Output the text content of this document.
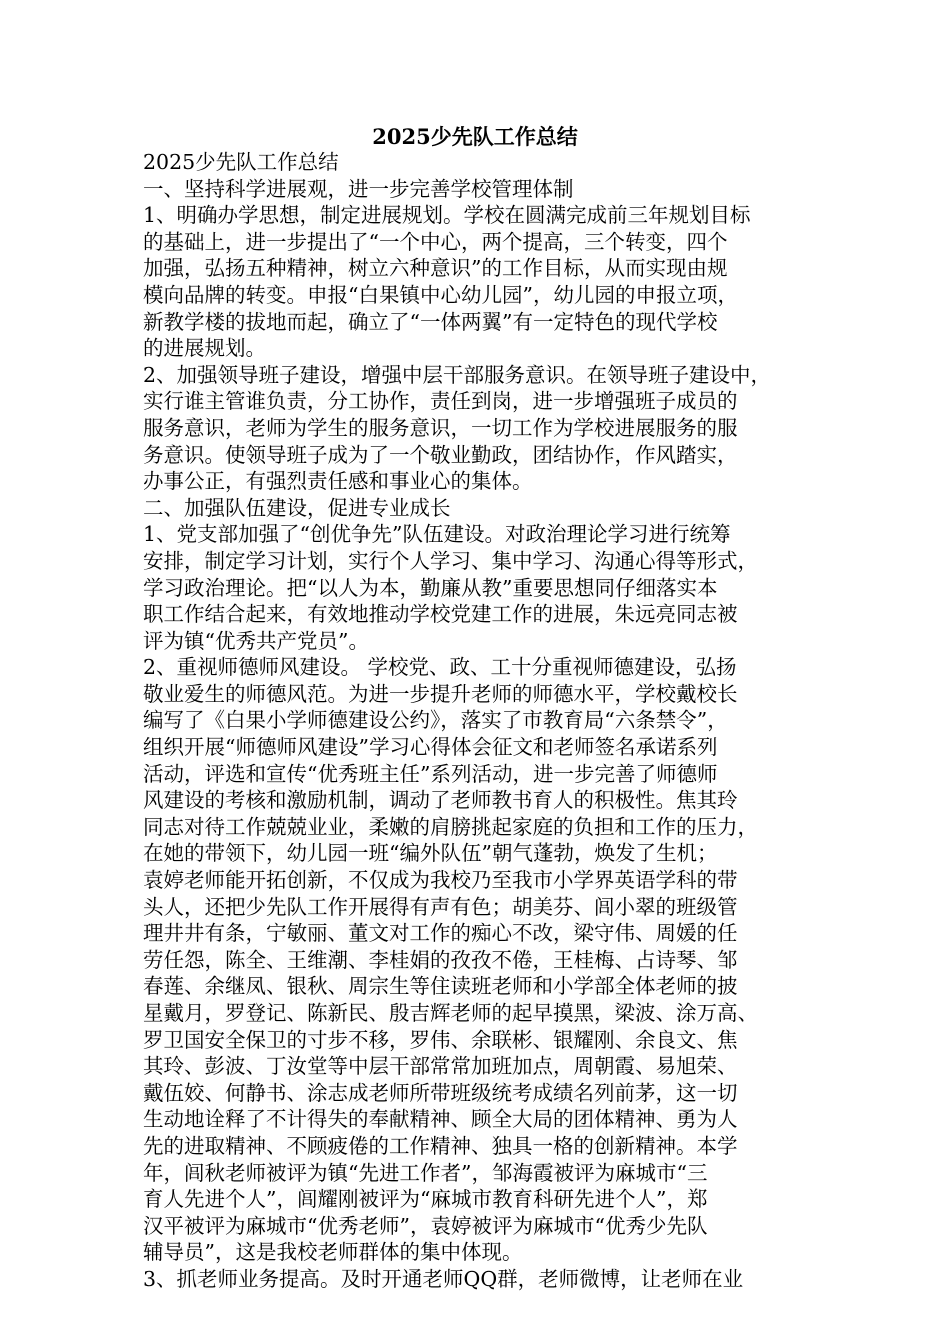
2025少先队工作总结
2025少先队工作总结
一、坚持科学进展观，进一步完善学校管理体制
1、明确办学思想，制定进展规划。学校在圆满完成前三年规划目标
的基础上，进一步提出了“一个中心，两个提高，三个转变，四个
加强，弘扬五种精神，树立六种意识”的工作目标，从而实现由规
模向品牌的转变。申报“白果镇中心幼儿园”，幼儿园的申报立项，
新教学楼的拔地而起，确立了“一体两翼”有一定特色的现代学校
的进展规划。
2、加强领导班子建设，增强中层干部服务意识。在领导班子建设中，
实行谁主管谁负责，分工协作，责任到岗，进一步增强班子成员的
服务意识，老师为学生的服务意识，一切工作为学校进展服务的服
务意识。使领导班子成为了一个敬业勤政，团结协作，作风踏实，
办事公正，有强烈责任感和事业心的集体。
二、加强队伍建设，促进专业成长
1、党支部加强了“创优争先”队伍建设。对政治理论学习进行统筹
安排，制定学习计划，实行个人学习、集中学习、沟通心得等形式，
学习政治理论。把“以人为本，勤廉从教”重要思想同仔细落实本
职工作结合起来，有效地推动学校党建工作的进展，朱远亮同志被
评为镇“优秀共产党员”。
2、重视师德师风建设。 学校党、政、工十分重视师德建设，弘扬
敬业爱生的师德风范。为进一步提升老师的师德水平，学校戴校长
编写了《白果小学师德建设公约》，落实了市教育局“六条禁令”，
组织开展“师德师风建设”学习心得体会征文和老师签名承诺系列
活动，评选和宣传“优秀班主任”系列活动，进一步完善了师德师
风建设的考核和激励机制，调动了老师教书育人的积极性。焦其玲
同志对待工作兢兢业业，柔嫩的肩膀挑起家庭的负担和工作的压力，
在她的带领下，幼儿园一班“编外队伍”朝气蓬勃，焕发了生机；
袁婷老师能开拓创新，不仅成为我校乃至我市小学界英语学科的带
头人，还把少先队工作开展得有声有色；胡美芬、闾小翠的班级管
理井井有条，宁敏丽、董文对工作的痴心不改，梁守伟、周媛的任
劳任怨，陈全、王维潮、李桂娟的孜孜不倦，王桂梅、占诗琴、邹
春莲、余继凤、银秋、周宗生等住读班老师和小学部全体老师的披
星戴月，罗登记、陈新民、殷吉辉老师的起早摸黑，梁波、涂万高、
罗卫国安全保卫的寸步不移，罗伟、余联彬、银耀刚、余良文、焦
其玲、彭波、丁汝堂等中层干部常常加班加点，周朝霞、易旭荣、
戴伍姣、何静书、涂志成老师所带班级统考成绩名列前茅，这一切
生动地诠释了不计得失的奉献精神、顾全大局的团体精神、勇为人
先的进取精神、不顾疲倦的工作精神、独具一格的创新精神。本学
年，闾秋老师被评为镇“先进工作者”，邹海霞被评为麻城市“三
育人先进个人”，闾耀刚被评为“麻城市教育科研先进个人”，郑
汉平被评为麻城市“优秀老师”，袁婷被评为麻城市“优秀少先队
辅导员”，这是我校老师群体的集中体现。
3、抓老师业务提高。及时开通老师QQ群，老师微博，让老师在业
